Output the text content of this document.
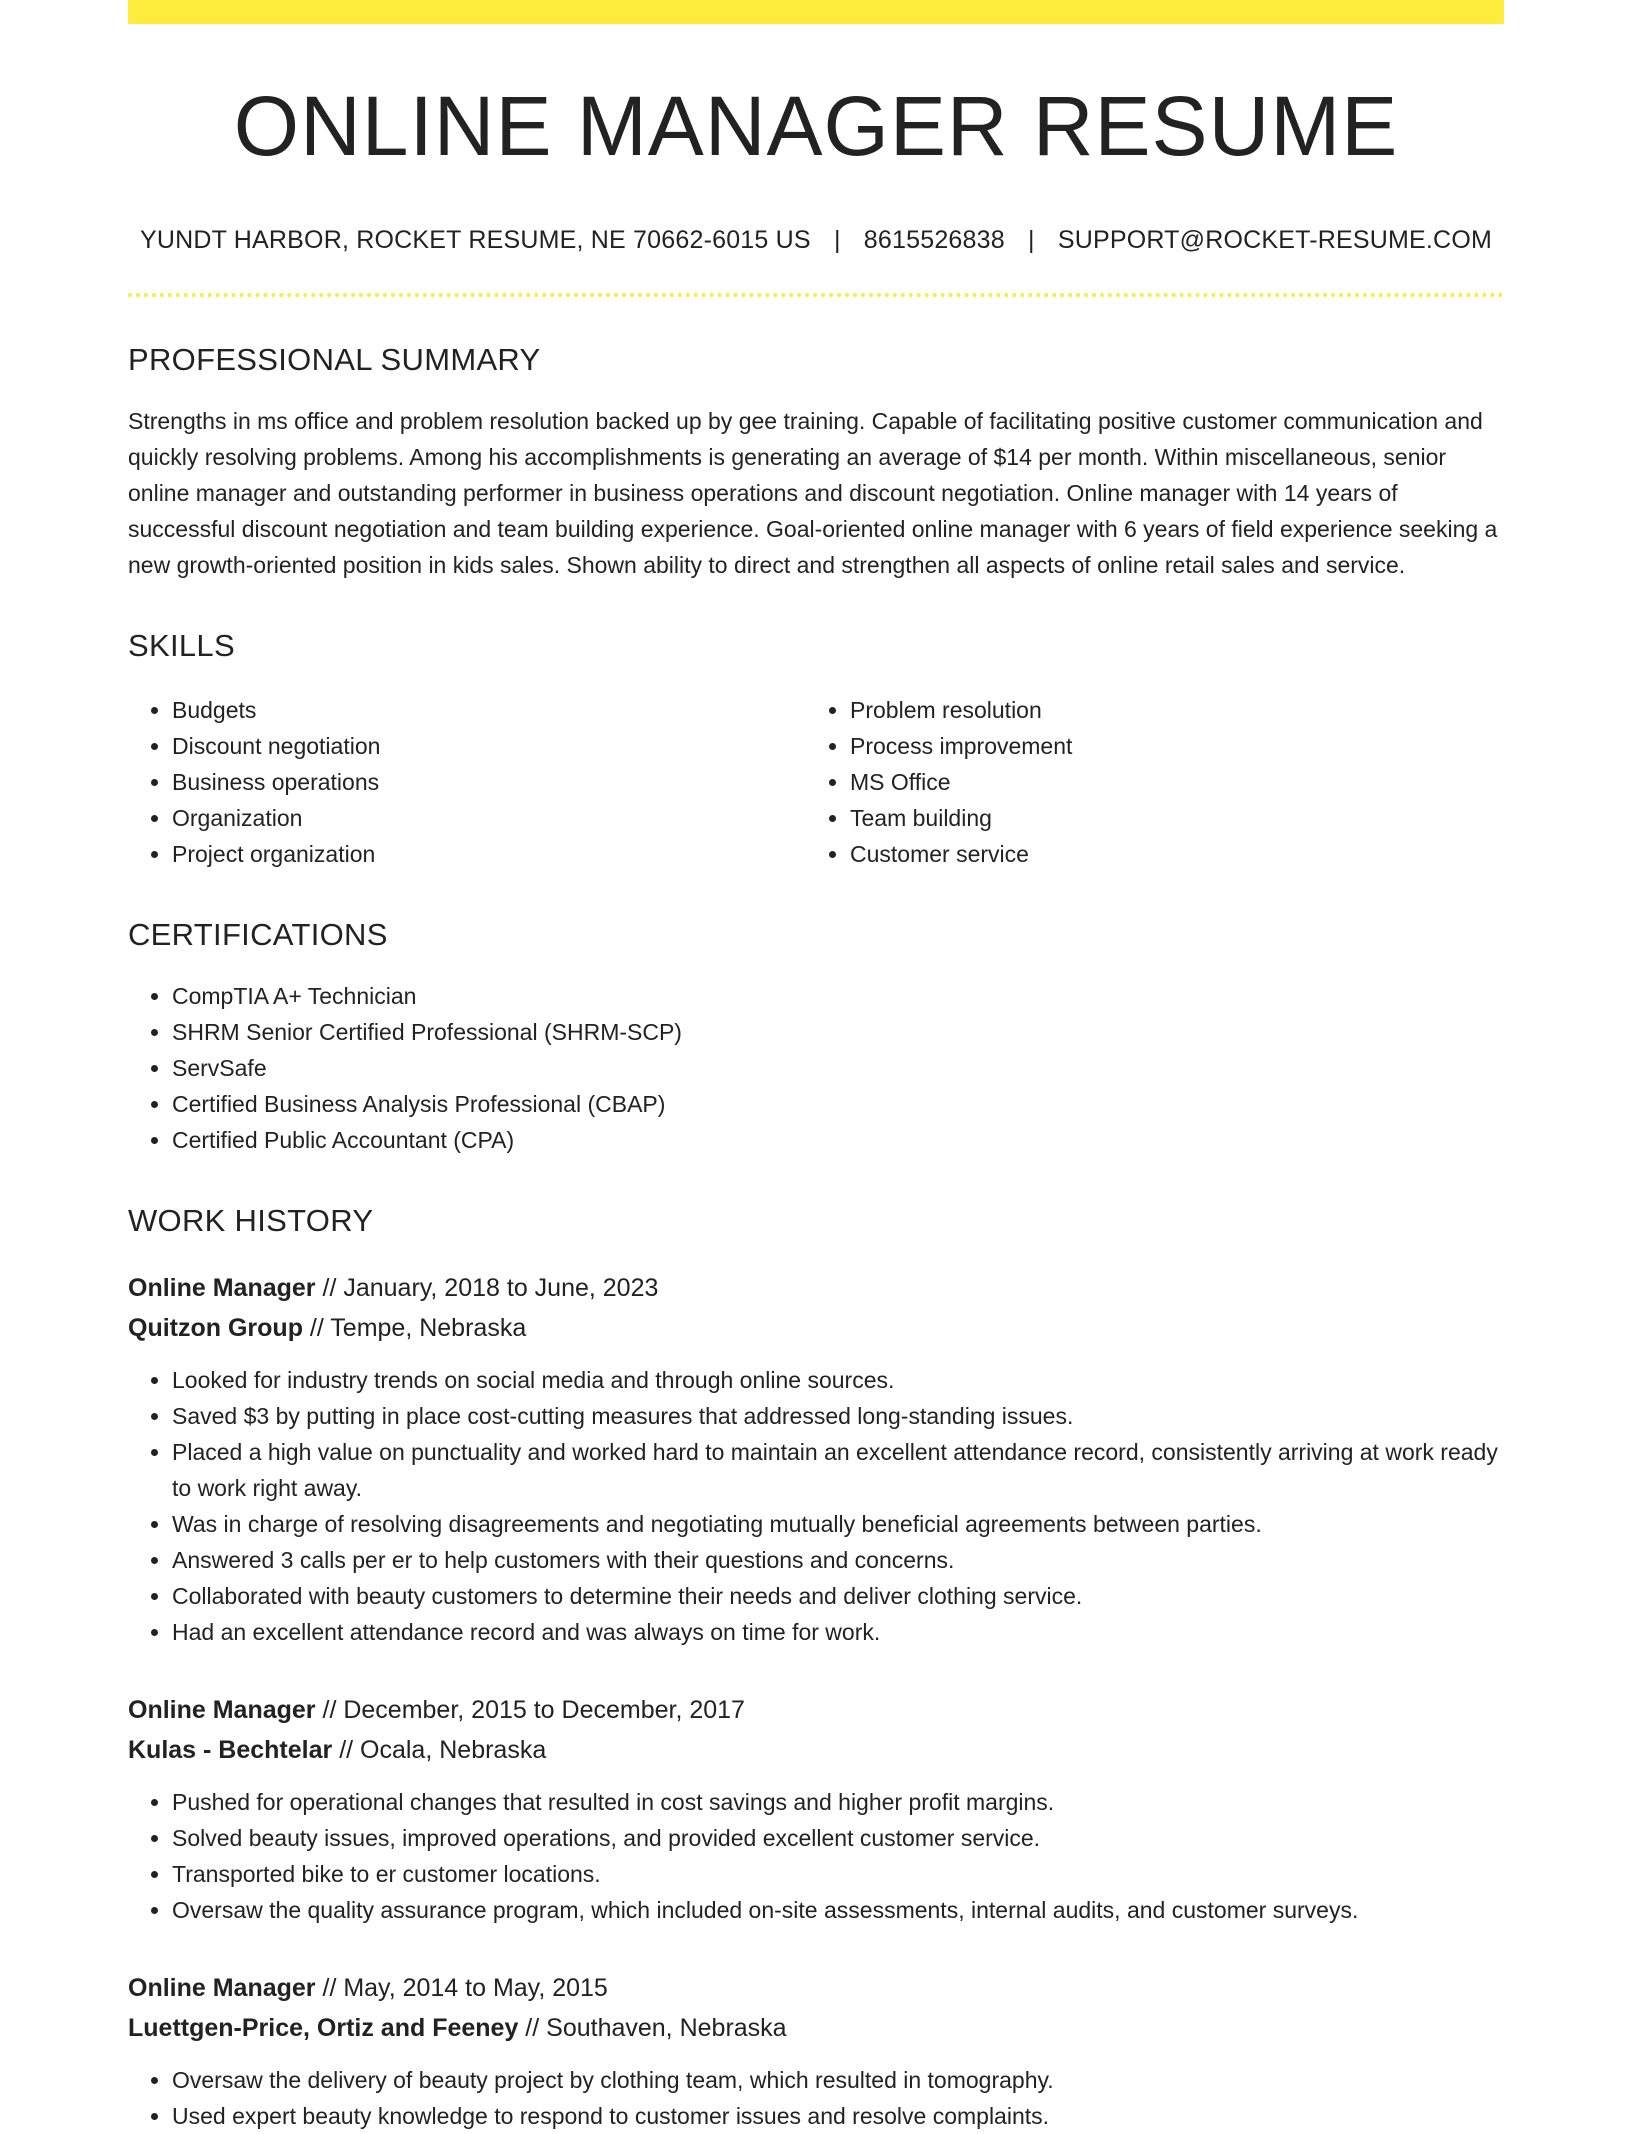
ONLINE MANAGER RESUME
YUNDT HARBOR, ROCKET RESUME, NE 70662-6015 US | 8615526838 | SUPPORT@ROCKET-RESUME.COM
PROFESSIONAL SUMMARY

Strengths in ms office and problem resolution backed up by gee training. Capable of facilitating positive customer communication and quickly resolving problems. Among his accomplishments is generating an average of $14 per month. Within miscellaneous, senior online manager and outstanding performer in business operations and discount negotiation. Online manager with 14 years of successful discount negotiation and team building experience. Goal-oriented online manager with 6 years of field experience seeking a new growth-oriented position in kids sales. Shown ability to direct and strengthen all aspects of online retail sales and service.

SKILLS
• Budgets
• Discount negotiation
• Business operations
• Organization
• Project organization
• Problem resolution
• Process improvement
• MS Office
• Team building
• Customer service
CERTIFICATIONS
• CompTIA A+ Technician
• SHRM Senior Certified Professional (SHRM-SCP)
• ServSafe
• Certified Business Analysis Professional (CBAP)
• Certified Public Accountant (CPA)
WORK HISTORY
Online Manager // January, 2018 to June, 2023
Quitzon Group // Tempe, Nebraska
• Looked for industry trends on social media and through online sources.
• Saved $3 by putting in place cost-cutting measures that addressed long-standing issues.
• Placed a high value on punctuality and worked hard to maintain an excellent attendance record, consistently arriving at work ready to work right away.
• Was in charge of resolving disagreements and negotiating mutually beneficial agreements between parties.
• Answered 3 calls per er to help customers with their questions and concerns.
• Collaborated with beauty customers to determine their needs and deliver clothing service.
• Had an excellent attendance record and was always on time for work.
Online Manager // December, 2015 to December, 2017
Kulas - Bechtelar // Ocala, Nebraska
• Pushed for operational changes that resulted in cost savings and higher profit margins.
• Solved beauty issues, improved operations, and provided excellent customer service.
• Transported bike to er customer locations.
• Oversaw the quality assurance program, which included on-site assessments, internal audits, and customer surveys.
Online Manager // May, 2014 to May, 2015
Luettgen-Price, Ortiz and Feeney // Southaven, Nebraska
• Oversaw the delivery of beauty project by clothing team, which resulted in tomography.
• Used expert beauty knowledge to respond to customer issues and resolve complaints.
